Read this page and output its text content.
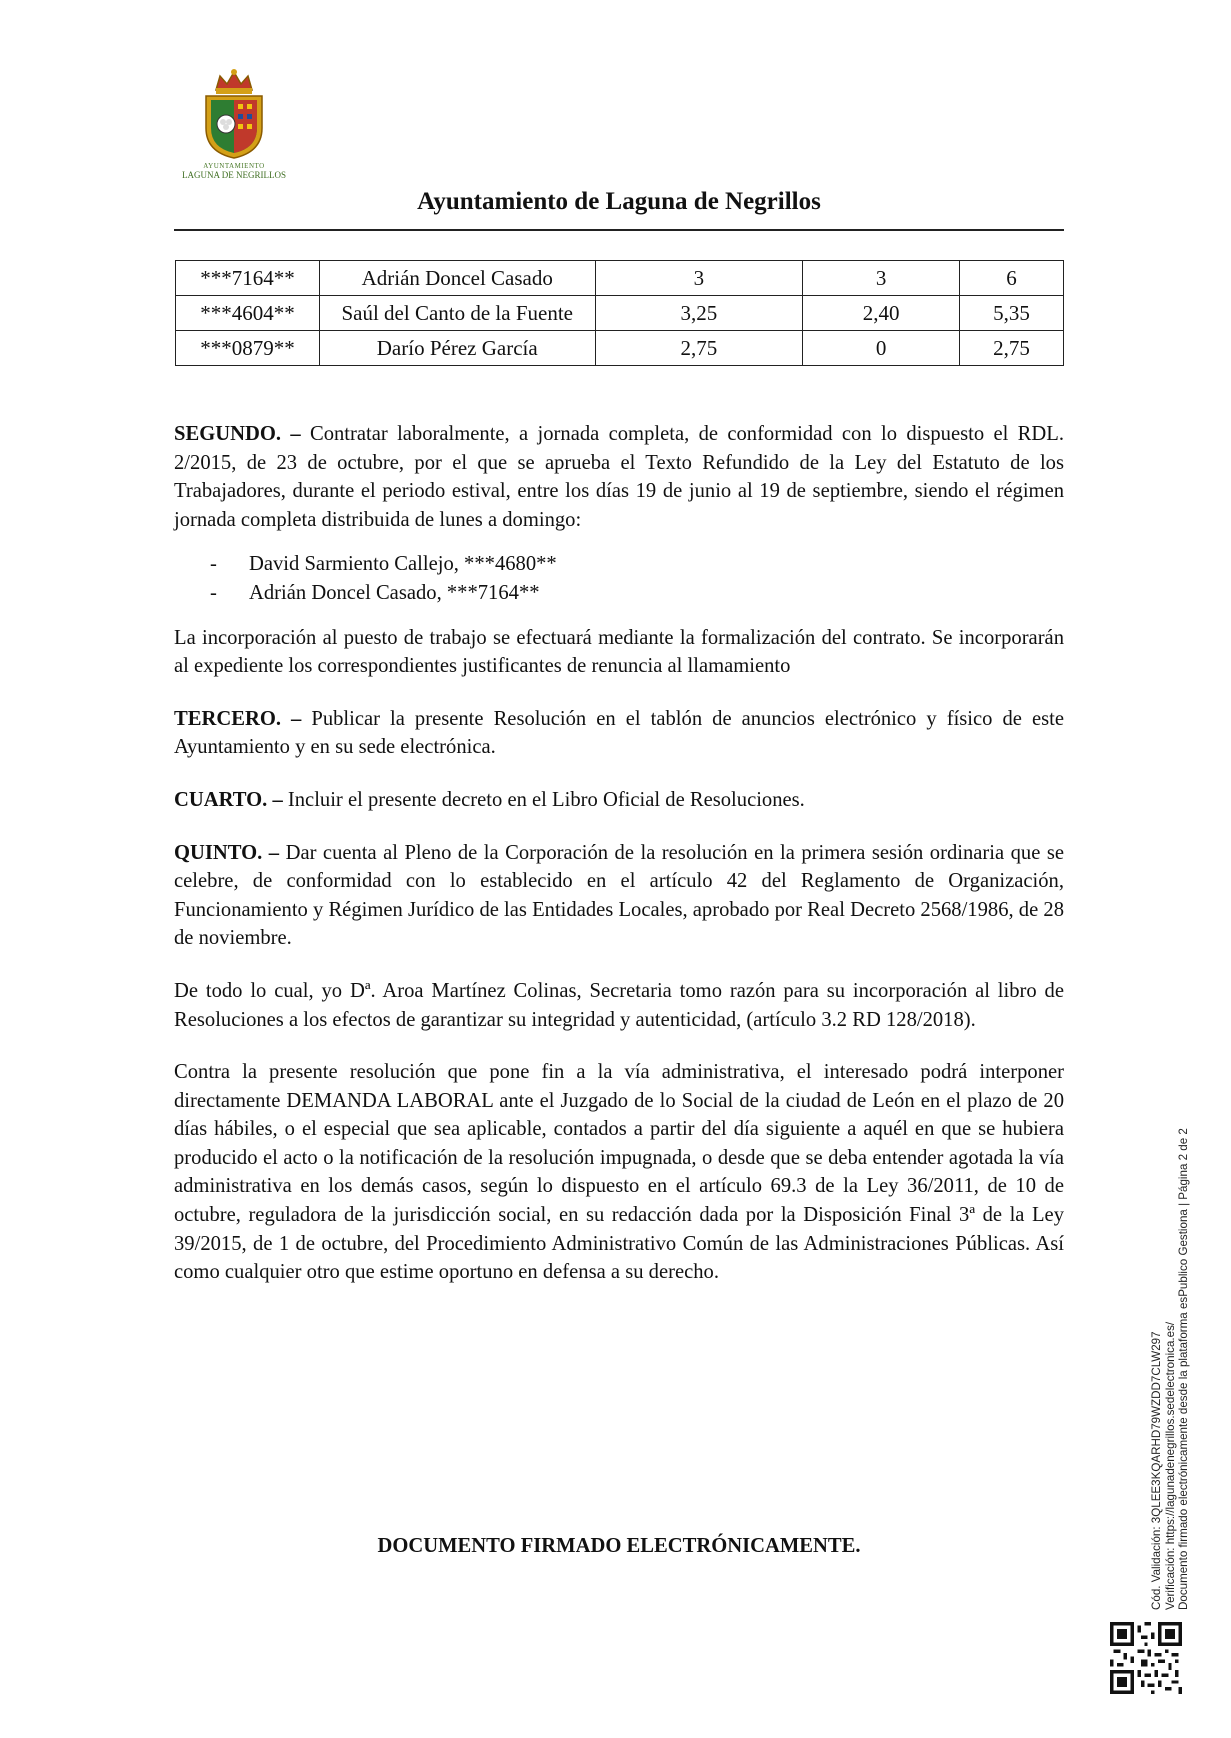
AYUNTAMIENTO
LAGUNA DE NEGRILLOS
Ayuntamiento de Laguna de Negrillos
***7164**	Adrián Doncel Casado	3	3	6
***4604**	Saúl del Canto de la Fuente	3,25	2,40	5,35
***0879**	Darío Pérez García	2,75	0	2,75

SEGUNDO. – Contratar laboralmente, a jornada completa, de conformidad con lo dispuesto el RDL. 2/2015, de 23 de octubre, por el que se aprueba el Texto Refundido de la Ley del Estatuto de los Trabajadores, durante el periodo estival, entre los días 19 de junio al 19 de septiembre, siendo el régimen jornada completa distribuida de lunes a domingo:

- David Sarmiento Callejo, ***4680**
- Adrián Doncel Casado, ***7164**

La incorporación al puesto de trabajo se efectuará mediante la formalización del contrato. Se incorporarán al expediente los correspondientes justificantes de renuncia al llamamiento

TERCERO. – Publicar la presente Resolución en el tablón de anuncios electrónico y físico de este Ayuntamiento y en su sede electrónica.

CUARTO. – Incluir el presente decreto en el Libro Oficial de Resoluciones.

QUINTO. – Dar cuenta al Pleno de la Corporación de la resolución en la primera sesión ordinaria que se celebre, de conformidad con lo establecido en el artículo 42 del Reglamento de Organización, Funcionamiento y Régimen Jurídico de las Entidades Locales, aprobado por Real Decreto 2568/1986, de 28 de noviembre.

De todo lo cual, yo Dª. Aroa Martínez Colinas, Secretaria tomo razón para su incorporación al libro de Resoluciones a los efectos de garantizar su integridad y autenticidad, (artículo 3.2 RD 128/2018).

Contra la presente resolución que pone fin a la vía administrativa, el interesado podrá interponer directamente DEMANDA LABORAL ante el Juzgado de lo Social de la ciudad de León en el plazo de 20 días hábiles, o el especial que sea aplicable, contados a partir del día siguiente a aquél en que se hubiera producido el acto o la notificación de la resolución impugnada, o desde que se deba entender agotada la vía administrativa en los demás casos, según lo dispuesto en el artículo 69.3 de la Ley 36/2011, de 10 de octubre, reguladora de la jurisdicción social, en su redacción dada por la Disposición Final 3ª de la Ley 39/2015, de 1 de octubre, del Procedimiento Administrativo Común de las Administraciones Públicas. Así como cualquier otro que estime oportuno en defensa a su derecho.

DOCUMENTO FIRMADO ELECTRÓNICAMENTE.	Cód. Validación: 3QLEE3KQARHD79WZDD7CLW297 Verificación: https://lagunadenegrillos.sedelectronica.es/ Documento firmado electrónicamente desde la plataforma esPublico Gestiona | Página 2 de 2
